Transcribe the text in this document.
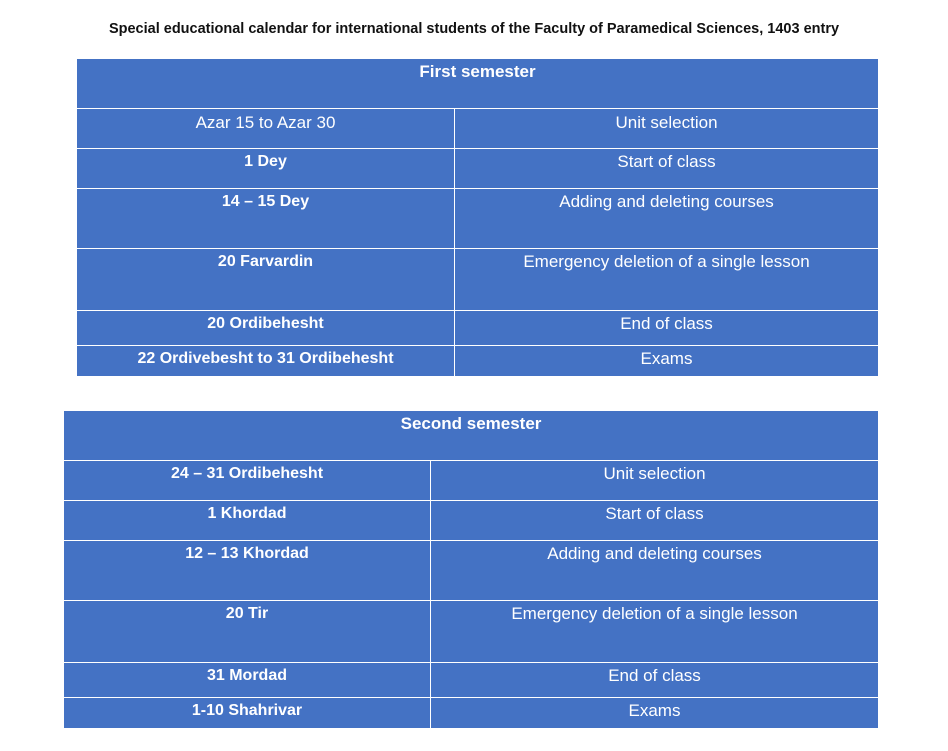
Special educational calendar for international students of the Faculty of Paramedical Sciences, 1403 entry
First semester	
Azar 15 to Azar 30	Unit selection
1 Dey	Start of class
14 – 15 Dey	Adding and deleting courses
20 Farvardin	Emergency deletion of a single lesson
20 Ordibehesht	End of class
22 Ordivebesht to 31 Ordibehesht	Exams
Second semester	
24 – 31 Ordibehesht	Unit selection
1 Khordad	Start of class
12 – 13 Khordad	Adding and deleting courses
20 Tir	Emergency deletion of a single lesson
31 Mordad	End of class
1-10 Shahrivar	Exams
